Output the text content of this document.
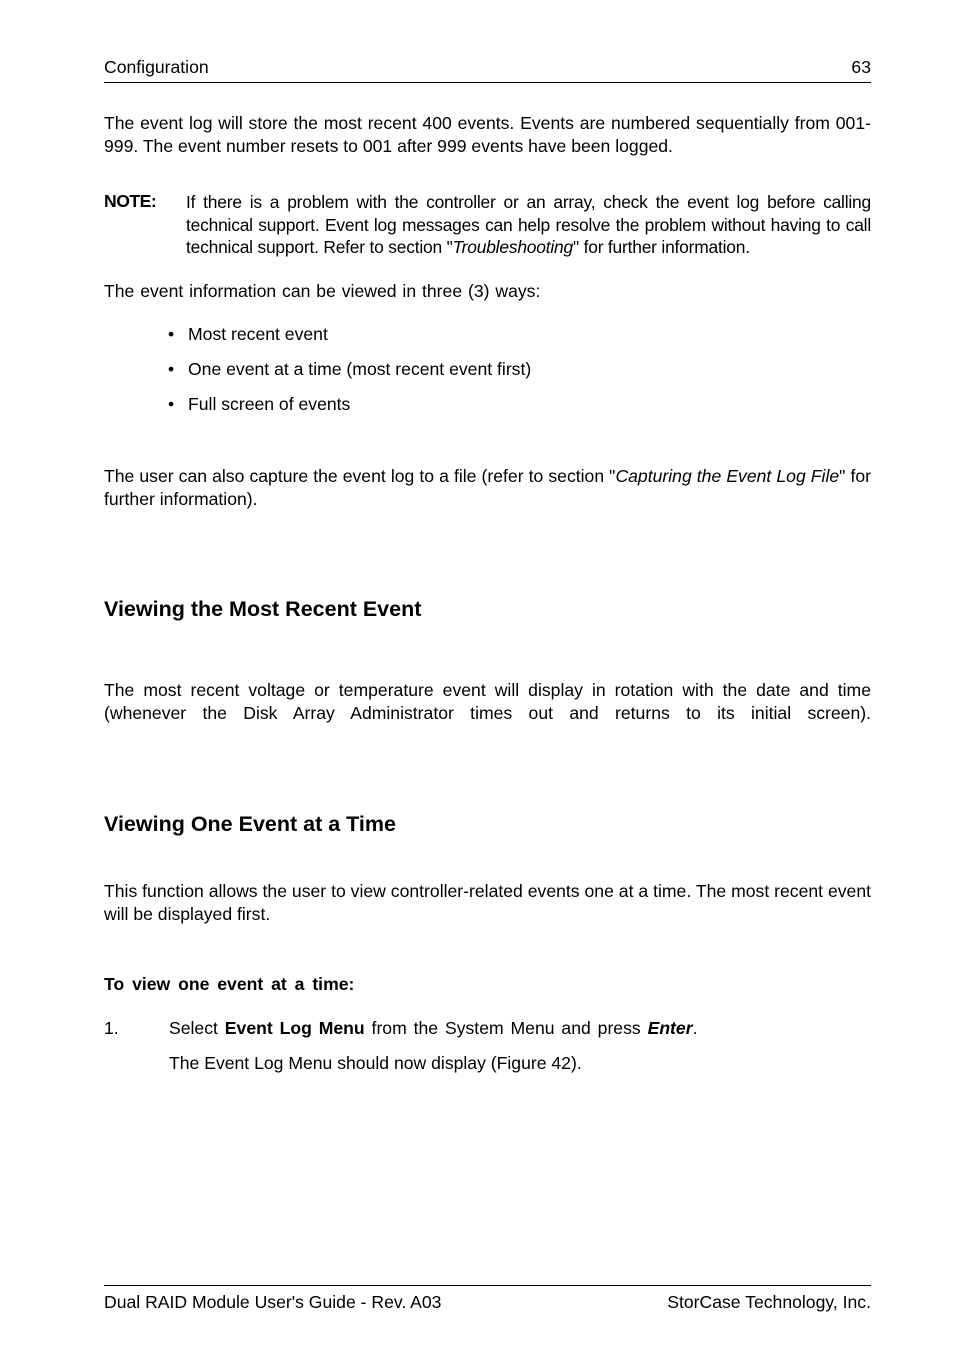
Configuration	63

The event log will store the most recent 400 events. Events are numbered sequentially from 001-999. The event number resets to 001 after 999 events have been logged.

NOTE: If there is a problem with the controller or an array, check the event log before calling technical support. Event log messages can help resolve the problem without having to call technical support. Refer to section "Troubleshooting" for further information.

The event information can be viewed in three (3) ways:
• Most recent event
• One event at a time (most recent event first)
• Full screen of events

The user can also capture the event log to a file (refer to section "Capturing the Event Log File" for further information).

Viewing the Most Recent Event

The most recent voltage or temperature event will display in rotation with the date and time (whenever the Disk Array Administrator times out and returns to its initial screen).

Viewing One Event at a Time

This function allows the user to view controller-related events one at a time. The most recent event will be displayed first.

To view one event at a time:
1.	Select Event Log Menu from the System Menu and press Enter.
The Event Log Menu should now display (Figure 42).
Dual RAID Module User's Guide - Rev. A03	StorCase Technology, Inc.
